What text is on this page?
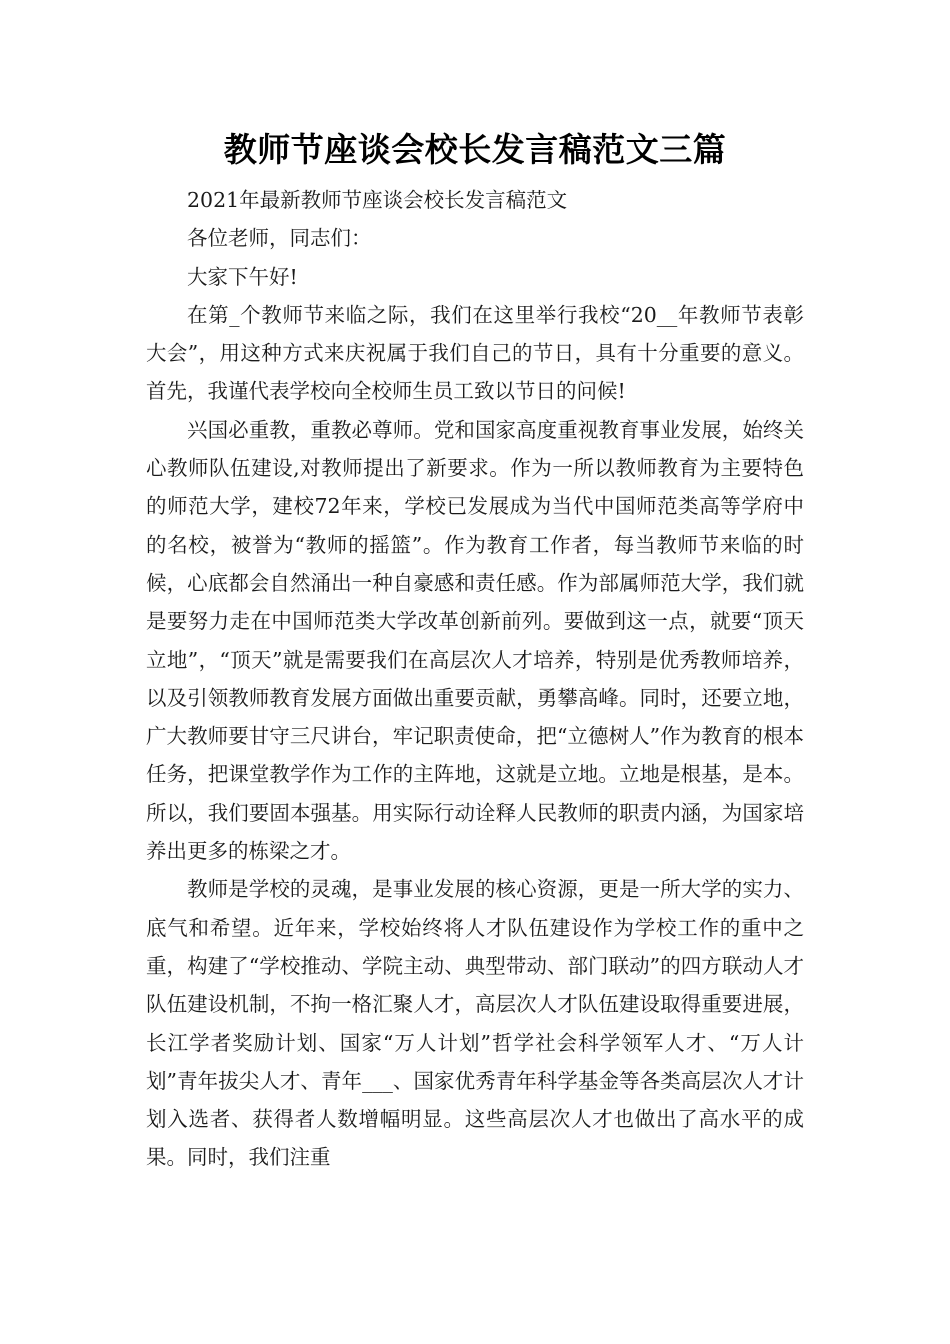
教师节座谈会校长发言稿范文三篇

2021年最新教师节座谈会校长发言稿范文

各位老师，同志们：

大家下午好!

在第_个教师节来临之际，我们在这里举行我校“20__年教师节表彰大会”，用这种方式来庆祝属于我们自己的节日，具有十分重要的意义。首先，我谨代表学校向全校师生员工致以节日的问候!

兴国必重教，重教必尊师。党和国家高度重视教育事业发展，始终关心教师队伍建设,对教师提出了新要求。作为一所以教师教育为主要特色的师范大学，建校72年来，学校已发展成为当代中国师范类高等学府中的名校，被誉为“教师的摇篮”。作为教育工作者，每当教师节来临的时候，心底都会自然涌出一种自豪感和责任感。作为部属师范大学，我们就是要努力走在中国师范类大学改革创新前列。要做到这一点，就要“顶天立地”，“顶天”就是需要我们在高层次人才培养，特别是优秀教师培养，以及引领教师教育发展方面做出重要贡献，勇攀高峰。同时，还要立地，广大教师要甘守三尺讲台，牢记职责使命，把“立德树人”作为教育的根本任务，把课堂教学作为工作的主阵地，这就是立地。立地是根基，是本。所以，我们要固本强基。用实际行动诠释人民教师的职责内涵，为国家培养出更多的栋梁之才。

教师是学校的灵魂，是事业发展的核心资源，更是一所大学的实力、底气和希望。近年来，学校始终将人才队伍建设作为学校工作的重中之重，构建了“学校推动、学院主动、典型带动、部门联动”的四方联动人才队伍建设机制，不拘一格汇聚人才，高层次人才队伍建设取得重要进展，长江学者奖励计划、国家“万人计划”哲学社会科学领军人才、“万人计划”青年拔尖人才、青年___、国家优秀青年科学基金等各类高层次人才计划入选者、获得者人数增幅明显。这些高层次人才也做出了高水平的成果。同时，我们注重
